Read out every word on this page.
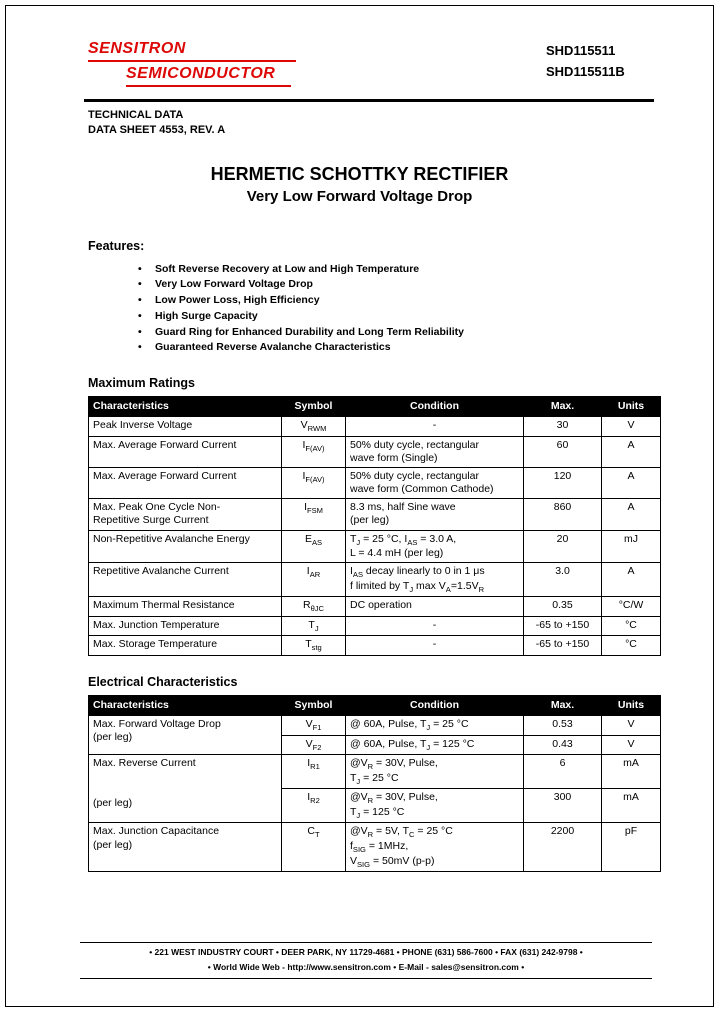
SENSITRON
SEMICONDUCTOR
SHD115511
SHD115511B
TECHNICAL DATA
DATA SHEET 4553, REV. A
HERMETIC SCHOTTKY RECTIFIER
Very Low Forward Voltage Drop
Features:
• Soft Reverse Recovery at Low and High Temperature
• Very Low Forward Voltage Drop
• Low Power Loss, High Efficiency
• High Surge Capacity
• Guard Ring for Enhanced Durability and Long Term Reliability
• Guaranteed Reverse Avalanche Characteristics
Maximum Ratings
Characteristics	Symbol	Condition	Max.	Units
Peak Inverse Voltage	$V_{RWM}$	-	30	V
Max. Average Forward Current	$I_{F(AV)}$	50% duty cycle, rectangular
wave form (Single)	60	A
Max. Average Forward Current	$I_{F(AV)}$	50% duty cycle, rectangular
wave form (Common Cathode)	120	A
Max. Peak One Cycle Non-
Repetitive Surge Current	$I_{FSM}$	8.3 ms, half Sine wave
(per leg)	860	A
Non-Repetitive Avalanche Energy	$E_{AS}$	$T_J = 25$ °C, $I_{AS} = 3.0$ A,
L = 4.4 mH (per leg)	20	mJ
Repetitive Avalanche Current	$I_{AR}$	$I_{AS}$ decay linearly to 0 in 1 μs
f limited by $T_J$ $\max V_A=1.5V_R$	3.0	A
Maximum Thermal Resistance	$R_{\theta JC}$	DC operation	0.35	°C/W
Max. Junction Temperature	$T_J$	-	-65 to +150	°C
Max. Storage Temperature	$T_{stg}$	-	-65 to +150	°C
Electrical Characteristics
Characteristics	Symbol	Condition	Max.	Units
Max. Forward Voltage Drop
(per leg)	$V_{F1}$	@ 60A, Pulse, $T_J = 25$ °C	0.53	V
	$V_{F2}$	@ 60A, Pulse, $T_J = 125$ °C	0.43	V
Max. Reverse Current

(per leg)	$I_{R1}$	$@V_R = 30V$, Pulse,
$T_J = 25$ °C	6	mA
	$I_{R2}$	$@V_R = 30V$, Pulse,
$T_J = 125$ °C	300	mA
Max. Junction Capacitance
(per leg)	$C_T$	$@V_R = 5V$, $T_C = 25$ °C
$f_{SIG} = 1MHz$,
$V_{SIG} = 50mV$ (p-p)	2200	pF
• 221 WEST INDUSTRY COURT • DEER PARK, NY 11729-4681 • PHONE (631) 586-7600 • FAX (631) 242-9798 •
• World Wide Web - http://www.sensitron.com • E-Mail - sales@sensitron.com •
